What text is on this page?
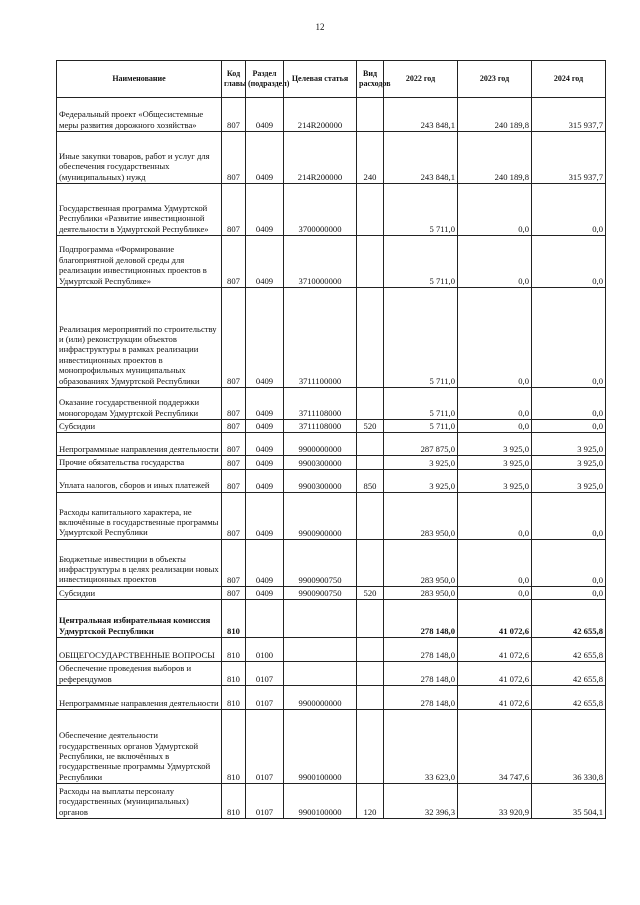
12
Наименование	Код главы	Раздел (подраздел)	Целевая статья	Вид расходов	2022 год	2023 год	2024 год
Федеральный проект «Общесистемные меры развития дорожного хозяйства»	807	0409	214R200000		243 848,1	240 189,8	315 937,7
Иные закупки товаров, работ и услуг для обеспечения государственных (муниципальных) нужд	807	0409	214R200000	240	243 848,1	240 189,8	315 937,7
Государственная программа Удмуртской Республики «Развитие инвестиционной деятельности в Удмуртской Республике»	807	0409	3700000000		5 711,0	0,0	0,0
Подпрограмма «Формирование благоприятной деловой среды для реализации инвестиционных проектов в Удмуртской Республике»	807	0409	3710000000		5 711,0	0,0	0,0
Реализация мероприятий по строительству и (или) реконструкции объектов инфраструктуры в рамках реализации инвестиционных проектов в монопрофильных муниципальных образованиях Удмуртской Республики	807	0409	3711100000		5 711,0	0,0	0,0
Оказание государственной поддержки моногородам Удмуртской Республики	807	0409	3711108000		5 711,0	0,0	0,0
Субсидии	807	0409	3711108000	520	5 711,0	0,0	0,0
Непрограммные направления деятельности	807	0409	9900000000		287 875,0	3 925,0	3 925,0
Прочие обязательства государства	807	0409	9900300000		3 925,0	3 925,0	3 925,0
Уплата налогов, сборов и иных платежей	807	0409	9900300000	850	3 925,0	3 925,0	3 925,0
Расходы капитального характера, не включённые в государственные программы Удмуртской Республики	807	0409	9900900000		283 950,0	0,0	0,0
Бюджетные инвестиции в объекты инфраструктуры в целях реализации новых инвестиционных проектов	807	0409	9900900750		283 950,0	0,0	0,0
Субсидии	807	0409	9900900750	520	283 950,0	0,0	0,0
Центральная избирательная комиссия Удмуртской Республики	810				278 148,0	41 072,6	42 655,8
ОБЩЕГОСУДАРСТВЕННЫЕ ВОПРОСЫ	810	0100			278 148,0	41 072,6	42 655,8
Обеспечение проведения выборов и референдумов	810	0107			278 148,0	41 072,6	42 655,8
Непрограммные направления деятельности	810	0107	9900000000		278 148,0	41 072,6	42 655,8
Обеспечение деятельности государственных органов Удмуртской Республики, не включённых в государственные программы Удмуртской Республики	810	0107	9900100000		33 623,0	34 747,6	36 330,8
Расходы на выплаты персоналу государственных (муниципальных) органов	810	0107	9900100000	120	32 396,3	33 920,9	35 504,1
